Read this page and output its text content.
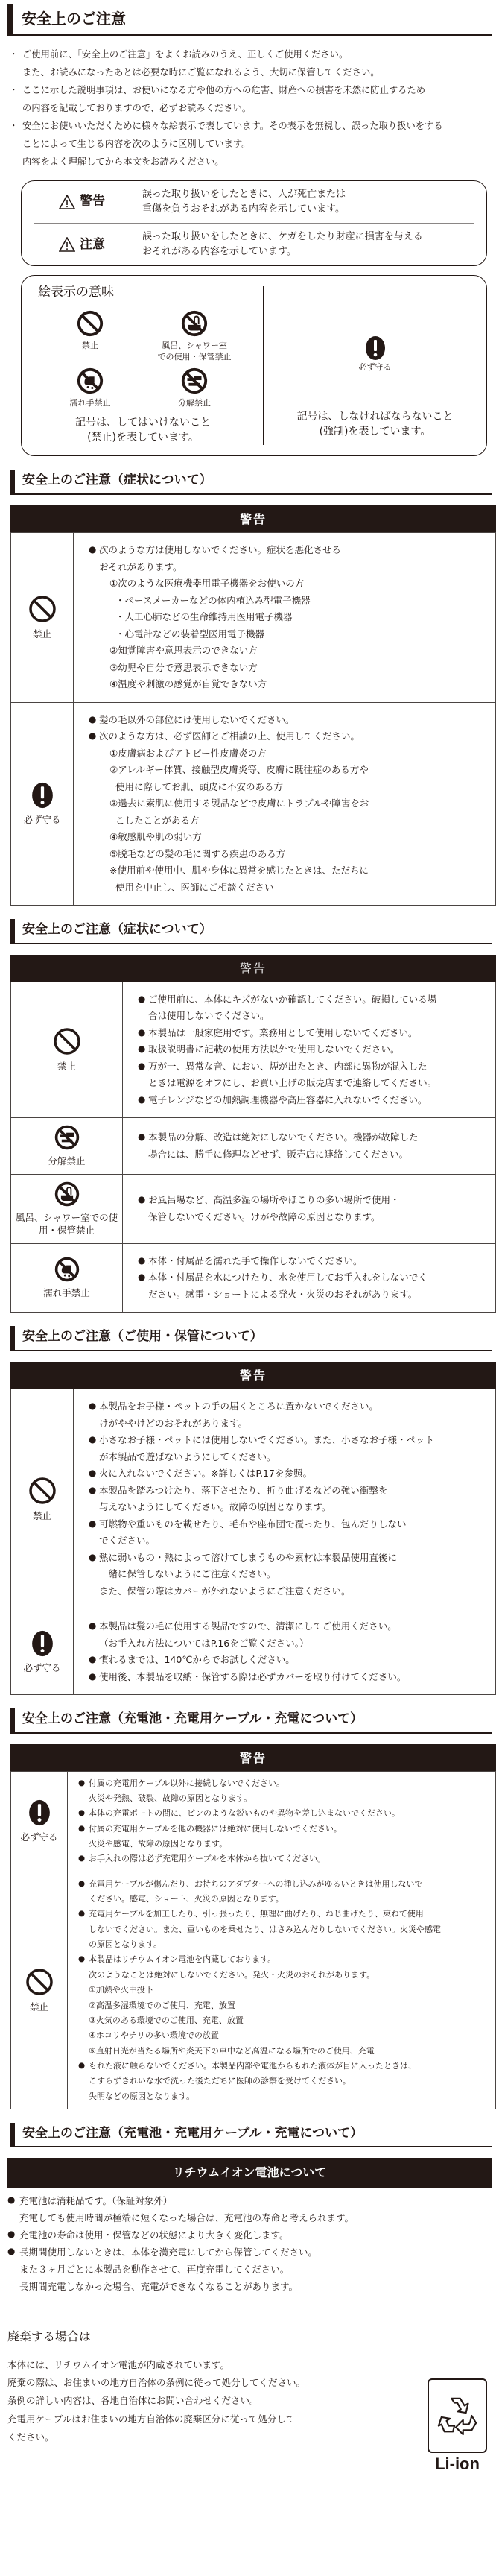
安全上のご注意
・ ご使用前に、「安全上のご注意」をよくお読みのうえ、正しくご使用ください。
また、お読みになったあとは必要な時にご覧になれるよう、大切に保管してください。
・ ここに示した説明事項は、お使いになる方や他の方への危害、財産への損害を未然に防止するため
の内容を記載しておりますので、必ずお読みください。
・ 安全にお使いいただくために様々な絵表示で表しています。その表示を無視し、誤った取り扱いをする
ことによって生じる内容を次のように区別しています。
内容をよく理解してから本文をお読みください。
警告
誤った取り扱いをしたときに、人が死亡または
重傷を負うおそれがある内容を示しています。
注意
誤った取り扱いをしたときに、ケガをしたり財産に損害を与える
おそれがある内容を示しています。
絵表示の意味
禁止	風呂、シャワー室
での使用・保管禁止
濡れ手禁止	分解禁止
記号は、してはいけないこと
(禁止)を表しています。
必ず守る
記号は、しなければならないこと
(強制)を表しています。
安全上のご注意（症状について）
警告	

禁止

● 次のような方は使用しないでください。症状を悪化させる
おそれがあります。
①次のような医療機器用電子機器をお使いの方
・ペースメーカーなどの体内植込み型電子機器
・人工心肺などの生命維持用医用電子機器
・心電計などの装着型医用電子機器
②知覚障害や意思表示のできない方
③幼児や自分で意思表示できない方
④温度や刺激の感覚が自覚できない方

必ず守る

● 髪の毛以外の部位には使用しないでください。
● 次のような方は、必ず医師とご相談の上、使用してください。
①皮膚病およびアトピー性皮膚炎の方
②アレルギー体質、接触型皮膚炎等、皮膚に既往症のある方や
使用に際してお肌、頭皮に不安のある方
③過去に素肌に使用する製品などで皮膚にトラブルや障害をお
こしたことがある方
④敏感肌や肌の弱い方
⑤脱毛などの髪の毛に関する疾患のある方
※使用前や使用中、肌や身体に異常を感じたときは、ただちに
使用を中止し、医師にご相談ください
安全上のご注意（症状について）
警告	

禁止

● ご使用前に、本体にキズがないか確認してください。破損している場
合は使用しないでください。
● 本製品は一般家庭用です。業務用として使用しないでください。
● 取扱説明書に記載の使用方法以外で使用しないでください。
● 万が一、異常な音、におい、煙が出たとき、内部に異物が混入した
ときは電源をオフにし、お買い上げの販売店まで連絡してください。
● 電子レンジなどの加熱調理機器や高圧容器に入れないでください。

分解禁止	● 本製品の分解、改造は絶対にしないでください。機器が故障した
場合には、勝手に修理などせず、販売店に連絡してください。

風呂、シャワー室での使用・保管禁止	● お風呂場など、高温多湿の場所やほこりの多い場所で使用・
保管しないでください。けがや故障の原因となります。

濡れ手禁止	● 本体・付属品を濡れた手で操作しないでください。
● 本体・付属品を水につけたり、水を使用してお手入れをしないでく
ださい。感電・ショートによる発火・火災のおそれがあります。
安全上のご注意（ご使用・保管について）
警告	

禁止

● 本製品をお子様・ペットの手の届くところに置かないでください。
けがややけどのおそれがあります。
● 小さなお子様・ペットには使用しないでください。また、小さなお子様・ペット
が本製品で遊ばないようにしてください。
● 火に入れないでください。※詳しくはP.17を参照。
● 本製品を踏みつけたり、落下させたり、折り曲げるなどの強い衝撃を
与えないようにしてください。故障の原因となります。
● 可燃物や重いものを載せたり、毛布や座布団で覆ったり、包んだりしない
でください。
● 熱に弱いもの・熱によって溶けてしまうものや素材は本製品使用直後に
一緒に保管しないようにご注意ください。
また、保管の際はカバーが外れないようにご注意ください。

必ず守る	● 本製品は髪の毛に使用する製品ですので、清潔にしてご使用ください。
（お手入れ方法についてはP.16をご覧ください。）
● 慣れるまでは、140℃からでお試しください。
● 使用後、本製品を収納・保管する際は必ずカバーを取り付けてください。
安全上のご注意（充電池・充電用ケーブル・充電について）
警告	

必ず守る

● 付属の充電用ケーブル以外に接続しないでください。
火災や発熱、破裂、故障の原因となります。
● 本体の充電ポートの間に、ピンのような鋭いものや異物を差し込まないでください。
● 付属の充電用ケーブルを他の機器には絶対に使用しないでください。
火災や感電、故障の原因となります。
● お手入れの際は必ず充電用ケーブルを本体から抜いてください。

禁止

● 充電用ケーブルが傷んだり、お持ちのアダプターへの挿し込みがゆるいときは使用しないで
ください。感電、ショート、火災の原因となります。
● 充電用ケーブルを加工したり、引っ張ったり、無理に曲げたり、ねじ曲げたり、束ねて使用
しないでください。また、重いものを乗せたり、はさみ込んだりしないでください。火災や感電
の原因となります。
● 本製品はリチウムイオン電池を内蔵しております。
次のようなことは絶対にしないでください。発火・火災のおそれがあります。
①加熱や火中投下
②高温多湿環境でのご使用、充電、放置
③火気のある環境でのご使用、充電、放置
④ホコリやチリの多い環境での放置
⑤直射日光が当たる場所や炎天下の車中など高温になる場所でのご使用、充電
● もれた液に触らないでください。本製品内部や電池からもれた液体が目に入ったときは、
こすらずきれいな水で洗った後ただちに医師の診察を受けてください。
失明などの原因となります。
安全上のご注意（充電池・充電用ケーブル・充電について）
リチウムイオン電池について
● 充電池は消耗品です。（保証対象外）
充電しても使用時間が極端に短くなった場合は、充電池の寿命と考えられます。
● 充電池の寿命は使用・保管などの状態により大きく変化します。
● 長期間使用しないときは、本体を満充電にしてから保管してください。
また３ヶ月ごとに本製品を動作させて、再度充電してください。
長期間充電しなかった場合、充電ができなくなることがあります。
廃棄する場合は
本体には、リチウムイオン電池が内蔵されています。
廃棄の際は、お住まいの地方自治体の条例に従って処分してください。
条例の詳しい内容は、各地自治体にお問い合わせください。
充電用ケーブルはお住まいの地方自治体の廃棄区分に従って処分して
ください。
Li-ion
